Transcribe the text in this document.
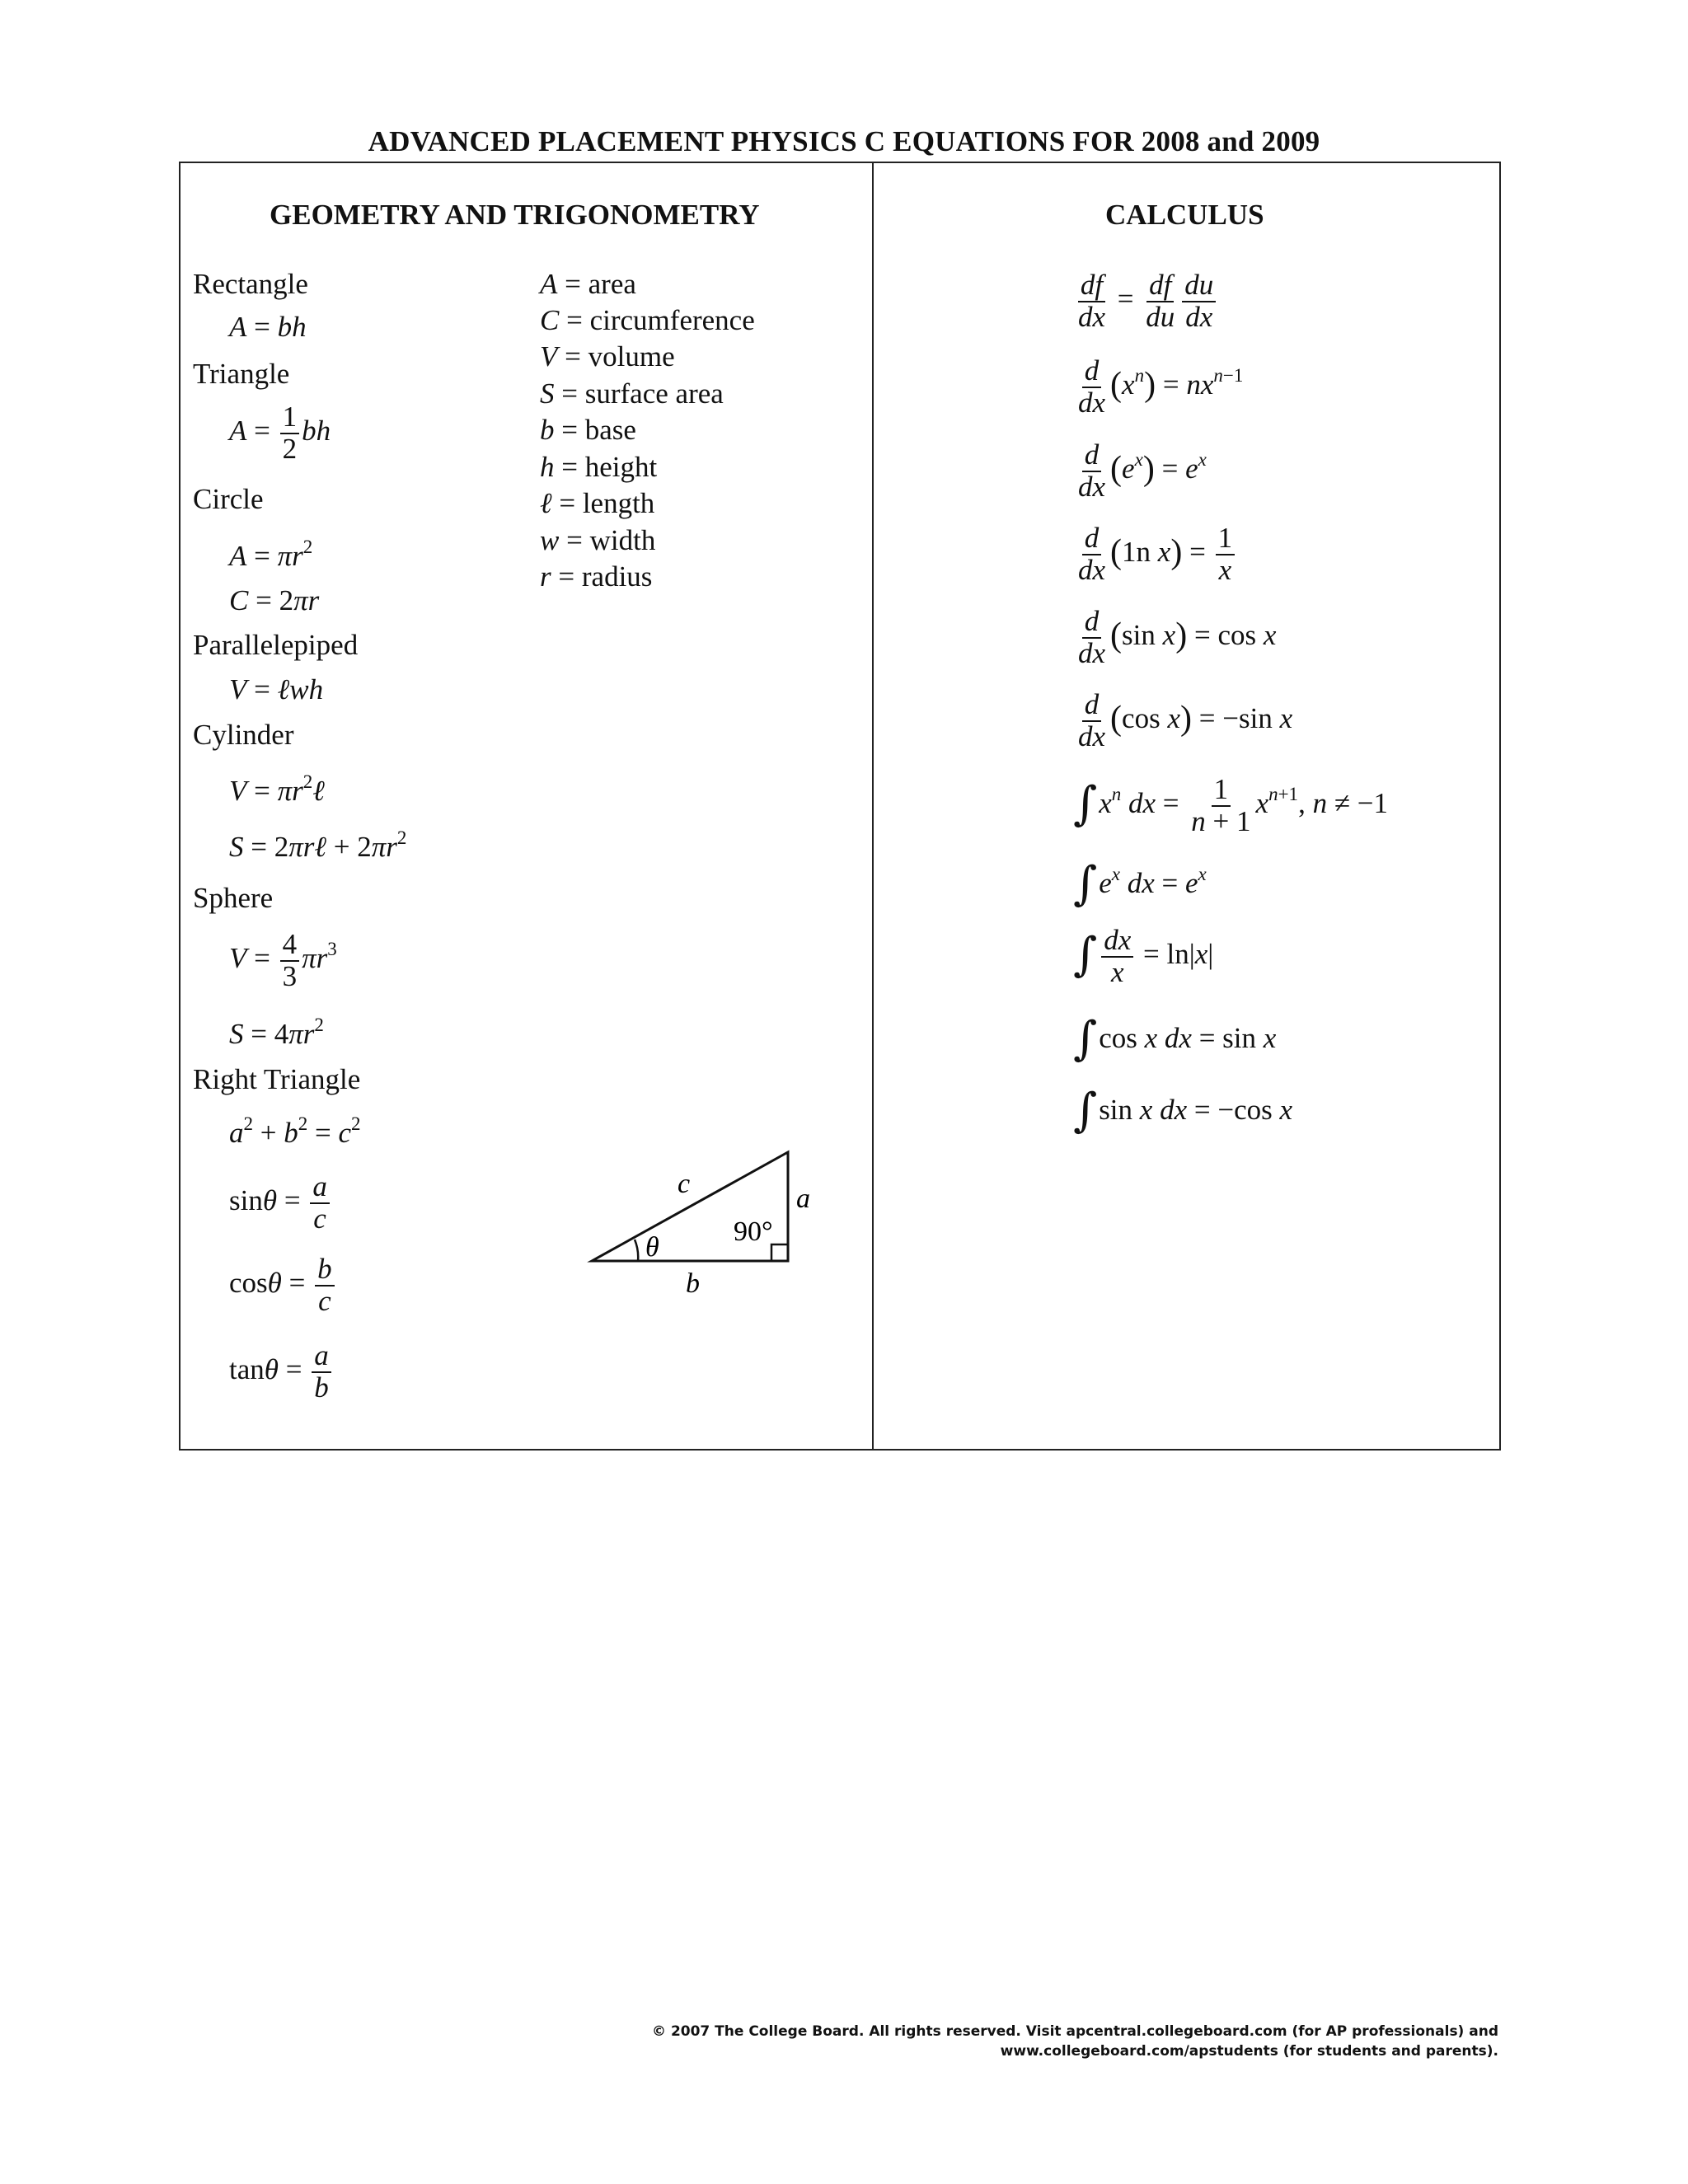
ADVANCED PLACEMENT PHYSICS C EQUATIONS FOR 2008 and 2009
GEOMETRY AND TRIGONOMETRY
Rectangle
A = bh
Triangle
$A = \frac{1}{2}$ bh
Circle
$A = \pi r^2$
C = 2πr
Parallelepiped
V = ℓwh
Cylinder
$V = \pi r^2\ell$
S = 2πrℓ + $2\pi r^2$
Sphere
$V = \frac{4}{3} \pi r^3$
$S = 4\pi r^2$
Right Triangle
$a^2 + b^2 = c^2$
$\sin\theta = \frac{a}{c}$
$\cos\theta = \frac{b}{c}$
$\tan\theta = \frac{a}{b}$
A = area
C = circumference
V = volume
S = surface area
b = base
h = height
ℓ = length
w = width
r = radius
c	a
b
θ
90°
CALCULUS
$\frac{df}{dx} = \frac{df}{du} \frac{du}{dx}$
$\frac{d}{dx} (x^n) = nx^{n-1}$
$\frac{d}{dx} (e^x) = e^x$
$\frac{d}{dx} (1n$ $x) = \frac{1}{x}$
$\frac{d}{dx} (\sin$ x) = cos x
$\frac{d}{dx} (\cos$ x) = −sin x
$\int x^n$ dx = $\frac{1}{n + 1} x^{n+1}$, n ≠ −1
$\int e^x$ dx = $e^x$
∫ $\frac{dx}{x} = \ln|x|$
∫cos x dx = sin x
∫sin x dx = −cos x
© 2007 The College Board. All rights reserved. Visit apcentral.collegeboard.com (for AP professionals) and
www.collegeboard.com/apstudents (for students and parents).
